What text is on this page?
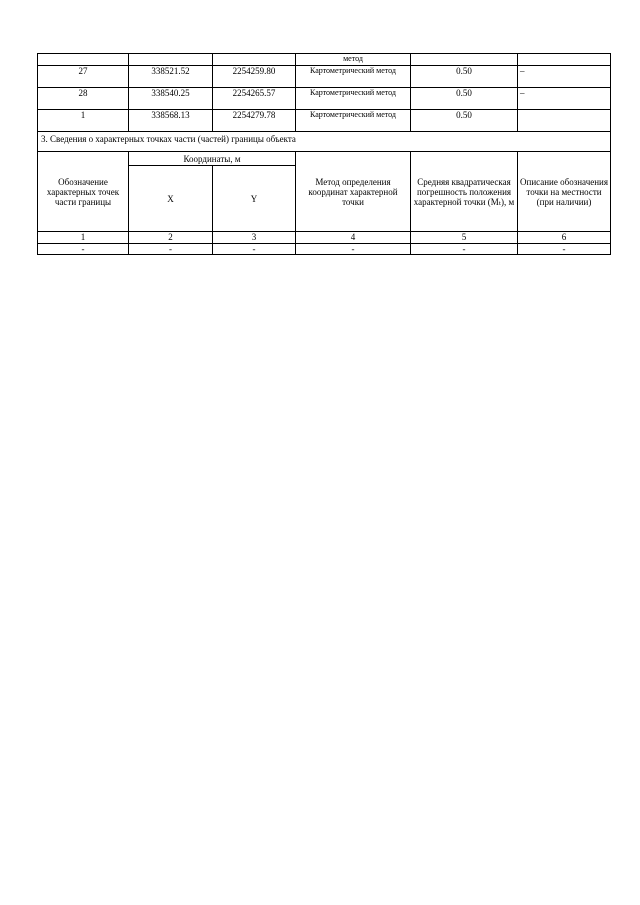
			метод		
27	338521.52	2254259.80	Картометрический метод	0.50	–
28	338540.25	2254265.57	Картометрический метод	0.50	–
1	338568.13	2254279.78	Картометрический метод	0.50	
3. Сведения о характерных точках части (частей) границы объекта					
Обозначение характерных точек части границы	Координаты, м		Метод определения координат характерной точки	Средняя квадратическая погрешность положения характерной точки (Мₜ), м	Описание обозначения точки на местности (при наличии)
	X	Y			
1	2	3	4	5	6
-	-	-	-	-	-
